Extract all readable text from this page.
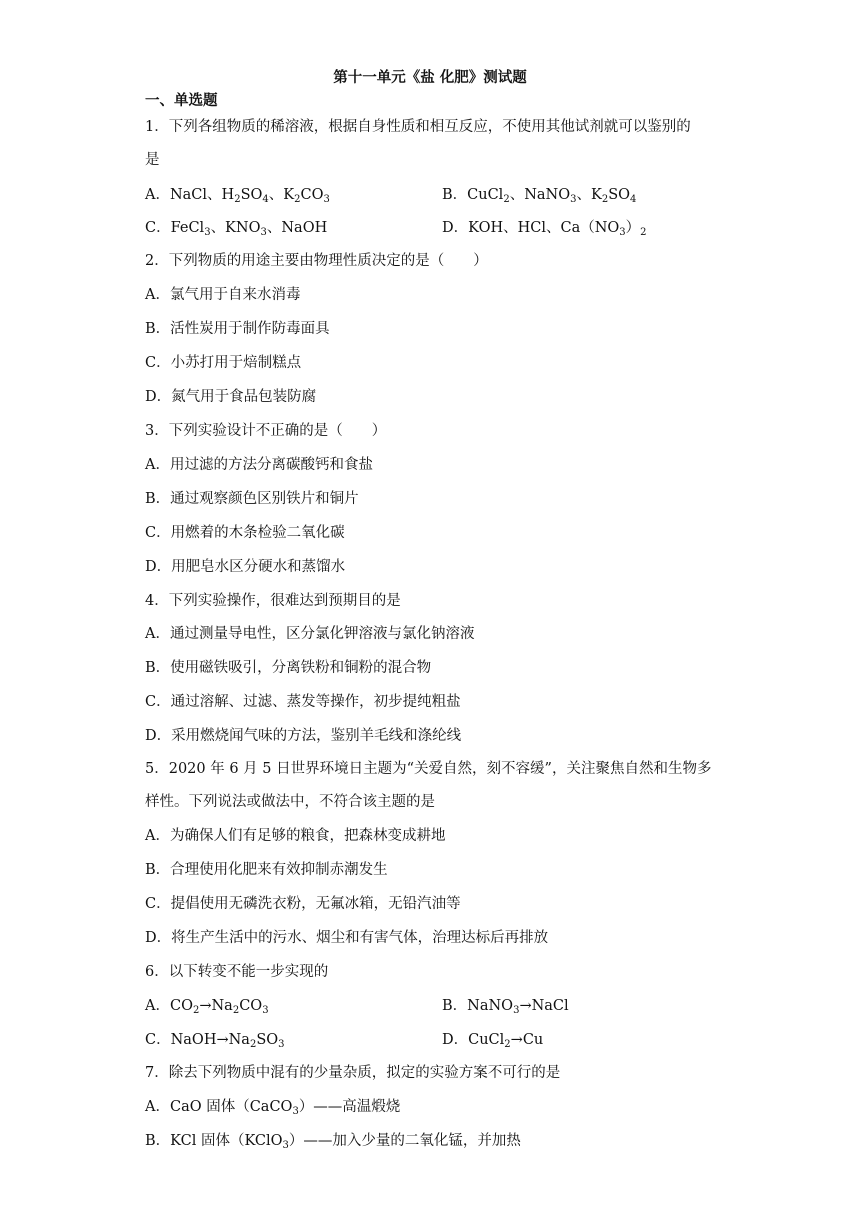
第十一单元《盐 化肥》测试题
一、单选题
1．下列各组物质的稀溶液，根据自身性质和相互反应，不使用其他试剂就可以鉴别的
是
A．NaCl、$H_2SO_4$、$K_2CO_3$	B．CuCl$_2$、NaNO$_3$、$K_2SO_4$
C．FeCl$_3$、$KNO_3$、NaOH	D．KOH、HCl、$Ca(NO_3)_2$
2．下列物质的用途主要由物理性质决定的是（　　）
A．氯气用于自来水消毒
B．活性炭用于制作防毒面具
C．小苏打用于焙制糕点
D．氮气用于食品包装防腐
3．下列实验设计不正确的是（　　）
A．用过滤的方法分离碳酸钙和食盐
B．通过观察颜色区别铁片和铜片
C．用燃着的木条检验二氧化碳
D．用肥皂水区分硬水和蒸馏水
4．下列实验操作，很难达到预期目的是
A．通过测量导电性，区分氯化钾溶液与氯化钠溶液
B．使用磁铁吸引，分离铁粉和铜粉的混合物
C．通过溶解、过滤、蒸发等操作，初步提纯粗盐
D．采用燃烧闻气味的方法，鉴别羊毛线和涤纶线
5．2020 年 6 月 5 日世界环境日主题为“关爱自然，刻不容缓”，关注聚焦自然和生物多
样性。下列说法或做法中，不符合该主题的是
A．为确保人们有足够的粮食，把森林变成耕地
B．合理使用化肥来有效抑制赤潮发生
C．提倡使用无磷洗衣粉，无氟冰箱，无铅汽油等
D．将生产生活中的污水、烟尘和有害气体，治理达标后再排放
6．以下转变不能一步实现的
A．$CO_2\to Na_2CO_3$	B．NaNO$_3$→NaCl
C．$NaOH\to Na_2SO_3$	D．CuCl$_2$→Cu
7．除去下列物质中混有的少量杂质，拟定的实验方案不可行的是
A．CaO 固体（CaCO$_3$）——高温煅烧
B．KCl 固体（KClO$_3$）——加入少量的二氧化锰，并加热
